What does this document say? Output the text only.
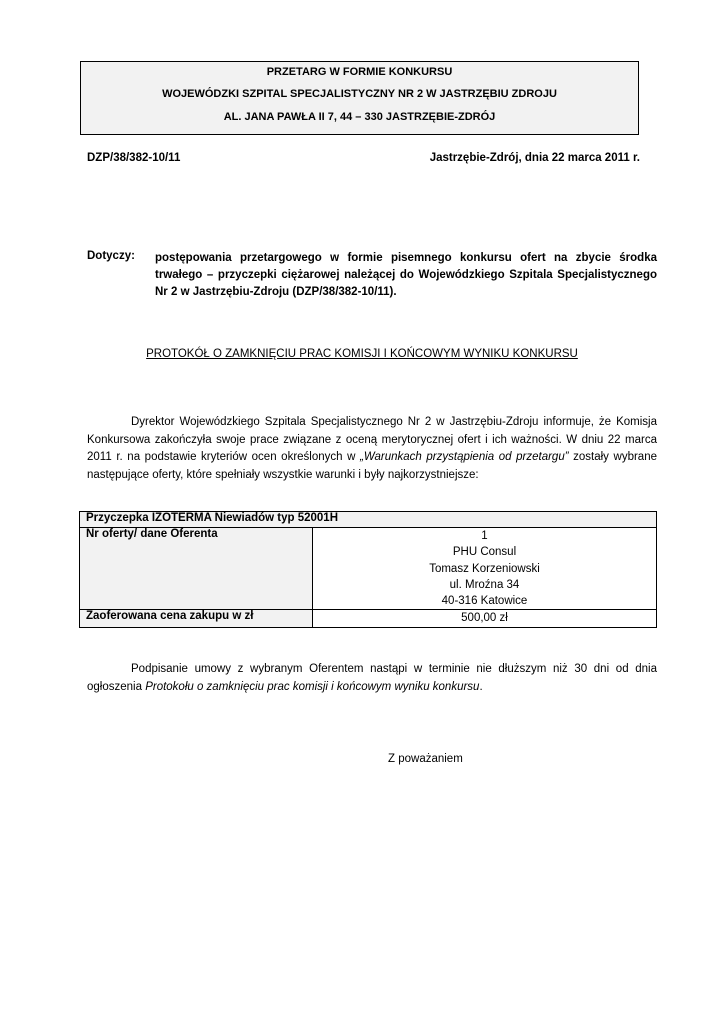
PRZETARG W FORMIE KONKURSU
WOJEWÓDZKI SZPITAL SPECJALISTYCZNY NR 2 W JASTRZĘBIU ZDROJU
AL. JANA PAWŁA II 7, 44 – 330 JASTRZĘBIE-ZDRÓJ
DZP/38/382-10/11	Jastrzębie-Zdrój, dnia 22 marca 2011 r.
Dotyczy: postępowania przetargowego w formie pisemnego konkursu ofert na zbycie środka trwałego – przyczepki ciężarowej należącej do Wojewódzkiego Szpitala Specjalistycznego Nr 2 w Jastrzębiu-Zdroju (DZP/38/382-10/11).
PROTOKÓŁ O ZAMKNIĘCIU PRAC KOMISJI I KOŃCOWYM WYNIKU KONKURSU
Dyrektor Wojewódzkiego Szpitala Specjalistycznego Nr 2 w Jastrzębiu-Zdroju informuje, że Komisja Konkursowa zakończyła swoje prace związane z oceną merytorycznej ofert i ich ważności. W dniu 22 marca 2011 r. na podstawie kryteriów ocen określonych w „Warunkach przystąpienia od przetargu” zostały wybrane następujące oferty, które spełniały wszystkie warunki i były najkorzystniejsze:
Przyczepka IZOTERMA Niewiadów typ 52001H	
Nr oferty/ dane Oferenta	1
PHU Consul
Tomasz Korzeniowski
ul. Mroźna 34
40-316 Katowice

Zaoferowana cena zakupu w zł	500,00 zł
Podpisanie umowy z wybranym Oferentem nastąpi w terminie nie dłuższym niż 30 dni od dnia ogłoszenia Protokołu o zamknięciu prac komisji i końcowym wyniku konkursu.
Z poważaniem
